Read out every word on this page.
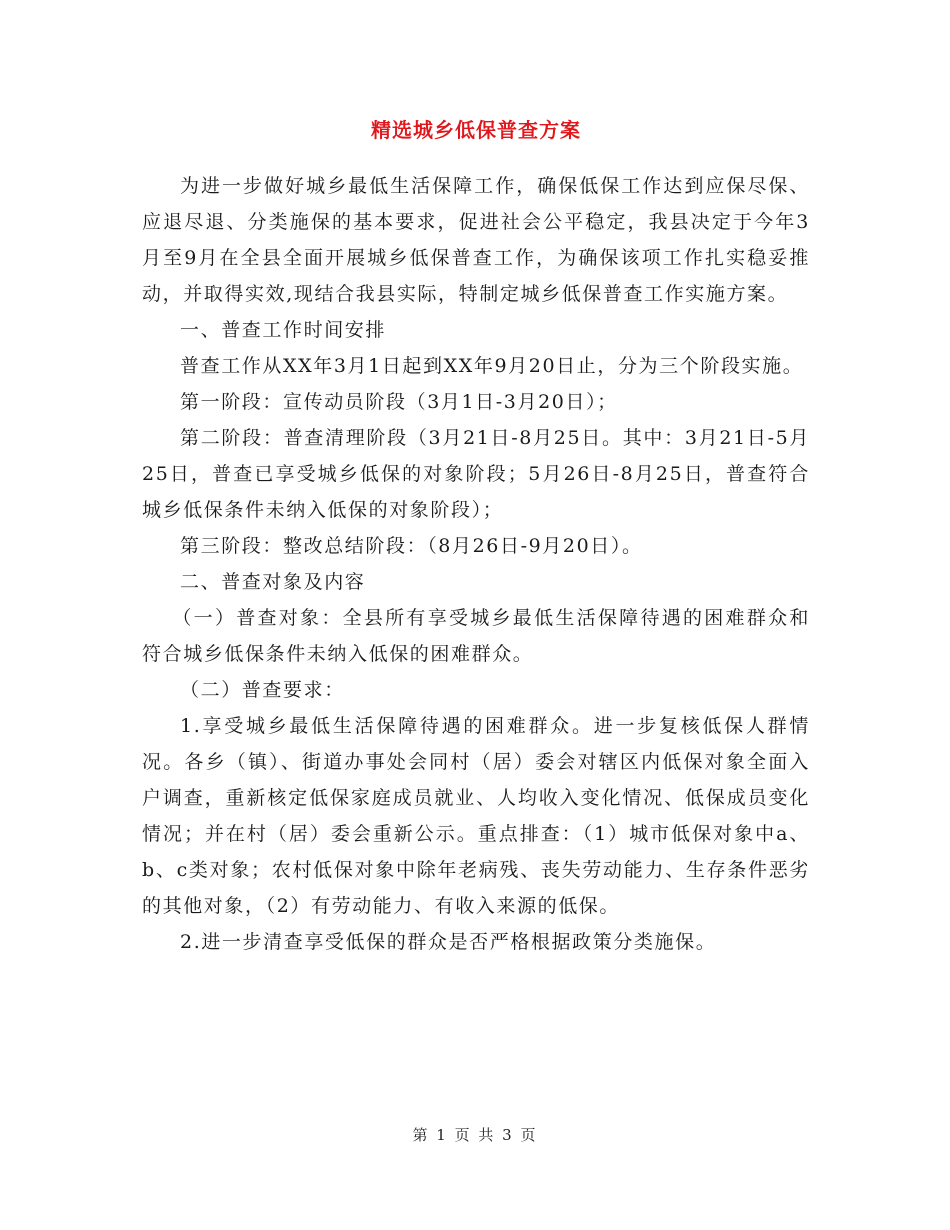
精选城乡低保普查方案

为进一步做好城乡最低生活保障工作，确保低保工作达到应保尽保、应退尽退、分类施保的基本要求，促进社会公平稳定，我县决定于今年3月至9月在全县全面开展城乡低保普查工作，为确保该项工作扎实稳妥推动，并取得实效,现结合我县实际，特制定城乡低保普查工作实施方案。

一、普查工作时间安排

普查工作从XX年3月1日起到XX年9月20日止，分为三个阶段实施。

第一阶段：宣传动员阶段（3月1日-3月20日）；

第二阶段：普查清理阶段（3月21日-8月25日。其中：3月21日-5月25日，普查已享受城乡低保的对象阶段；5月26日-8月25日，普查符合城乡低保条件未纳入低保的对象阶段）；

第三阶段：整改总结阶段：（8月26日-9月20日）。

二、普查对象及内容

（一）普查对象：全县所有享受城乡最低生活保障待遇的困难群众和符合城乡低保条件未纳入低保的困难群众。

（二）普查要求：

1.享受城乡最低生活保障待遇的困难群众。进一步复核低保人群情况。各乡（镇）、街道办事处会同村（居）委会对辖区内低保对象全面入户调查，重新核定低保家庭成员就业、人均收入变化情况、低保成员变化情况；并在村（居）委会重新公示。重点排查：（1）城市低保对象中a、b、c类对象；农村低保对象中除年老病残、丧失劳动能力、生存条件恶劣的其他对象，（2）有劳动能力、有收入来源的低保。

2.进一步清查享受低保的群众是否严格根据政策分类施保。

第 1 页 共 3 页
